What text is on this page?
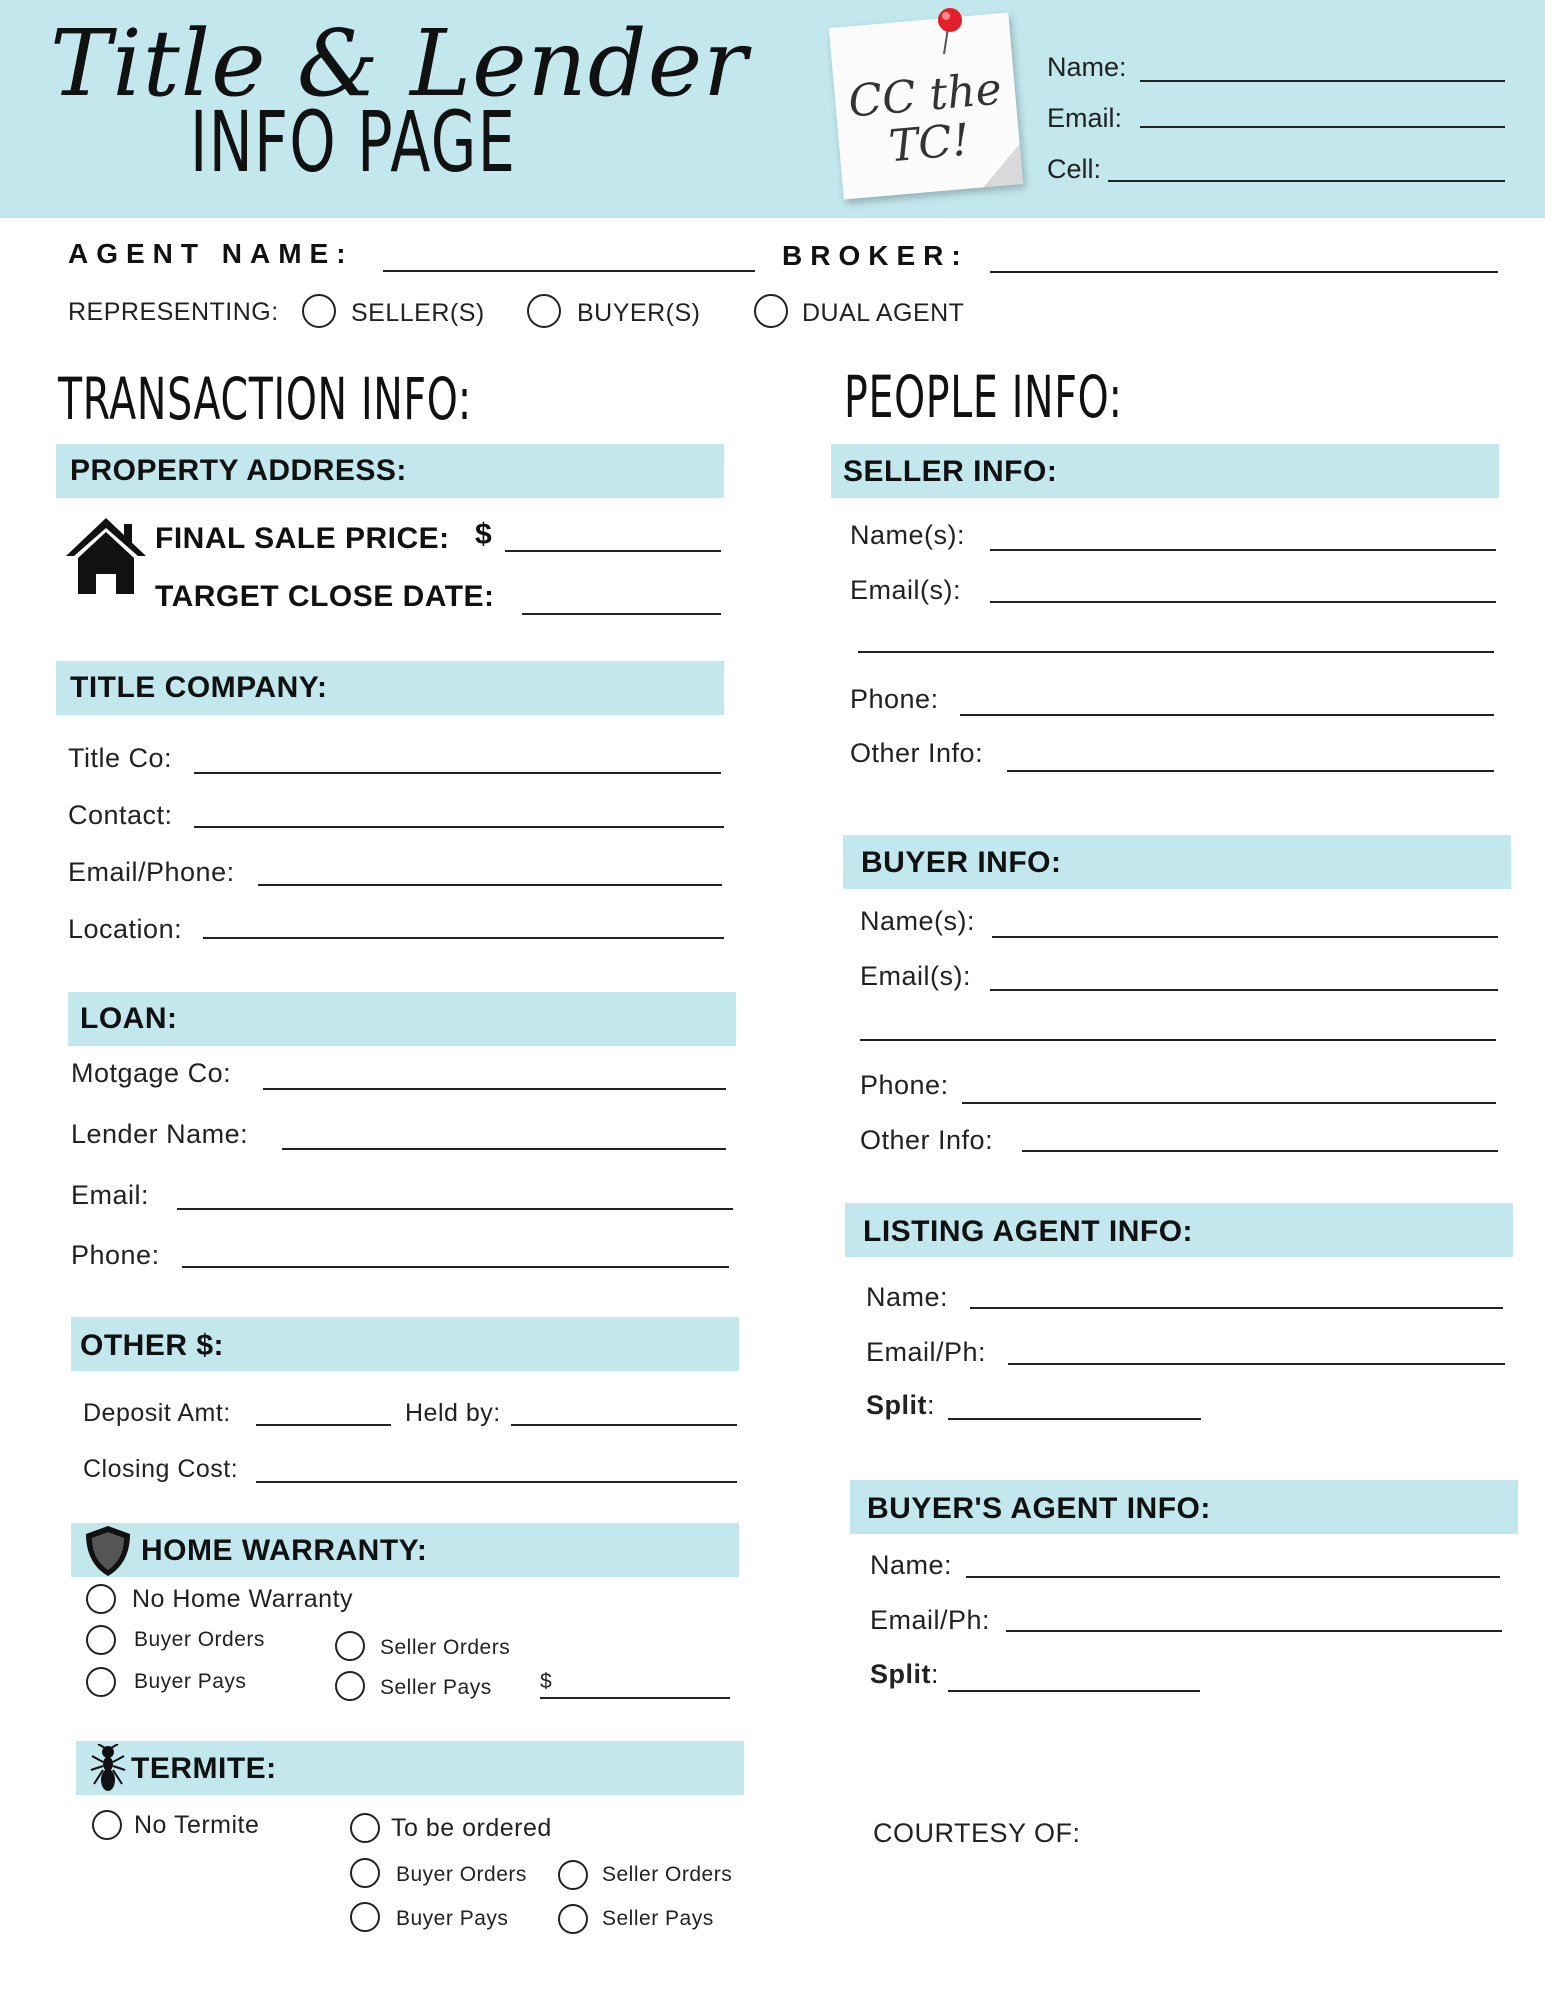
Title & Lender
INFO PAGE	CC the
TC!
Name:
Email:
Cell:
AGENT NAME:	BROKER:
REPRESENTING:	SELLER(S)	BUYER(S)	DUAL AGENT
TRANSACTION INFO:
PROPERTY ADDRESS:
FINAL SALE PRICE: $
TARGET CLOSE DATE:
TITLE COMPANY:
Title Co:
Contact:
Email/Phone:
Location:
LOAN:
Motgage Co:
Lender Name:
Email:
Phone:
OTHER $:
Deposit Amt:	Held by:
Closing Cost:
HOME WARRANTY:
No Home Warranty
Buyer Orders
Buyer Pays
Seller Orders
Seller Pays $
TERMITE:
No Termite	To be ordered
Buyer Orders	Seller Orders
Buyer Pays	Seller Pays
PEOPLE INFO:
SELLER INFO:
Name(s):
Email(s):
Phone:
Other Info:
BUYER INFO:
Name(s):
Email(s):
Phone:
Other Info:
LISTING AGENT INFO:
Name:
Email/Ph:
Split:
BUYER'S AGENT INFO:
Name:
Email/Ph:
Split:
COURTESY OF:
